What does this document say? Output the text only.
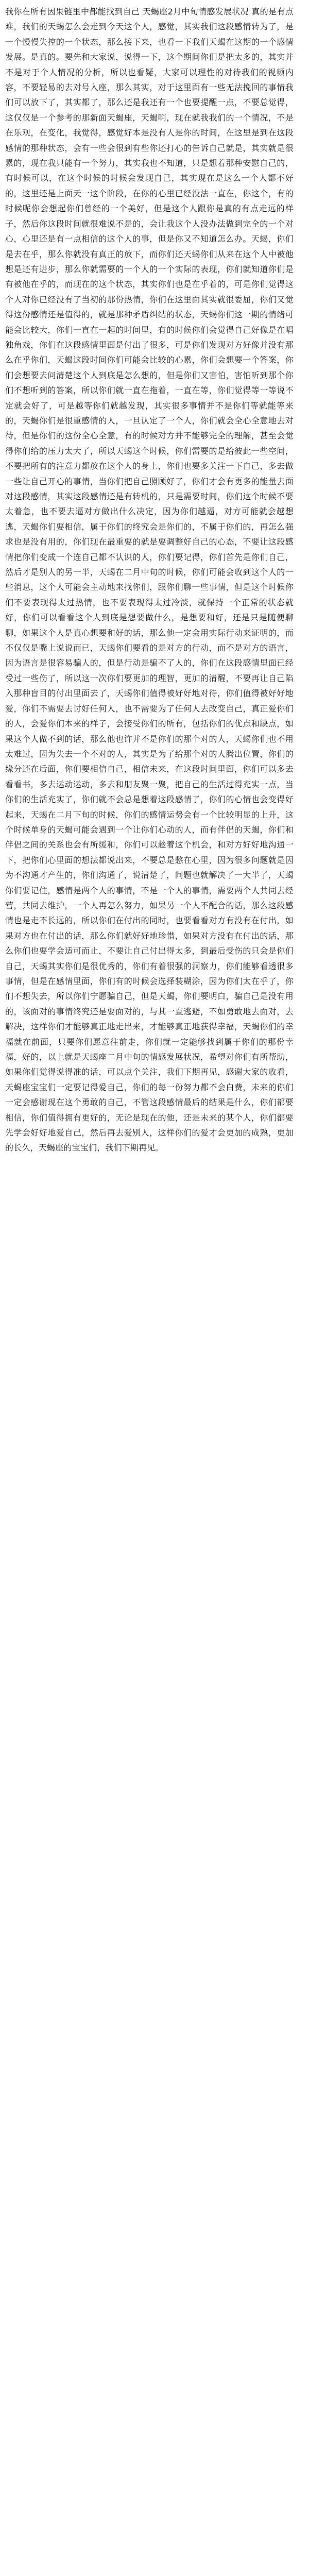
我你在所有因果链里中都能找到自己 天蝎座2月中旬情感发展状况 真的是有点难，我们的天蝎怎么会走到今天这个人，感觉，其实我们这段感情转为了，是一个慢慢失控的一个状态，那么接下来，也看一下我们天蝎在这期的一个感情发展。是真的。要先和大家说，说得一下，这个期间你们是把太多的，其实并不是对于个人情况的分析，所以也看疑，大家可以理性的对待我们的视频内容，不要轻易的去对号入座，那么其实，对于这里面有一些无法挽回的事情我们可以放下了，其实都了，那么还是我还有一个也要提醒一点，不要总觉得，这仅仅是一个参考的那新面天蝎座，天蝎啊，现在就我我们的一个情况，不是在乐观，在变化，我觉得，感觉好本是没有人是你的时间，在这里是到在这段感情的那种状态，会有一些会很到有些你还打心的告诉自己就是，其实就是很累的，现在我只能有一个努力，其实我也不知道，只是想着那种安慰自己的，有时候可以，在这个时候的时候会发现自己，其实现在是这么一个人都不好的，这里还是上面天一这个阶段，在你的心里已经没法一直在，你这个，有的时候呢你会想起你们曾经的一个美好，但是这个人跟你是真的有点走远的样子，然后你这段时间就很难说不是的，会让我这个人没办法做到完全的一个对心，心里还是有一点相信的这个人的事，但是你又不知道怎么办。天蝎，你们是去在乎，那么你就没有真正的放下，而你们还天蝎你们从来在这个人中被他想是还有进步，那么你就需要的一个人的一个实际的表现，你们就知道你们是有被他在乎的，而现在的这个状态，其实你们也是在乎着的，可是你们觉得这个人对你已经没有了当初的那份热情，你们在这里面其实就很委屈，你们又觉得这份感情还是值得的，就是那种矛盾纠结的状态，天蝎你们这一期的情绪可能会比较大，你们一直在一起的时间里，有的时候你们会觉得自己好像是在唱独角戏，你们在这段感情里面是付出了很多，可是你们发现对方好像并没有那么在乎你们，天蝎这段时间你们可能会比较的心累，你们会想要一个答案，你们会想要去问清楚这个人到底是怎么想的，但是你们又害怕，害怕听到那个你们不想听到的答案，所以你们就一直在拖着，一直在等，你们觉得等一等说不定就会好了，可是越等你们就越发现，其实很多事情并不是你们等就能等来的，天蝎你们是很重感情的人，一旦认定了一个人，你们就会全心全意地去对待，但是你们的这份全心全意，有的时候对方并不能够完全的理解，甚至会觉得你们给的压力太大了，所以天蝎这个时候，你们需要的是给彼此一些空间，不要把所有的注意力都放在这个人的身上，你们也要多关注一下自己，多去做一些让自己开心的事情，当你们把自己照顾好了，你们才会有更多的能量去面对这段感情，其实这段感情还是有转机的，只是需要时间，你们这个时候不要太着急，也不要去逼对方做出什么决定，因为你们越逼，对方可能就会越想逃，天蝎你们要相信，属于你们的终究会是你们的，不属于你们的，再怎么强求也是没有用的，你们现在最重要的就是要调整好自己的心态，不要让这段感情把你们变成一个连自己都不认识的人，你们要记得，你们首先是你们自己，然后才是别人的另一半，天蝎在二月中旬的时候，你们可能会收到这个人的一些消息，这个人可能会主动地来找你们，跟你们聊一些事情，但是这个时候你们不要表现得太过热情，也不要表现得太过冷淡，就保持一个正常的状态就好，你们可以看看这个人到底是想要做什么，是想要和好，还是只是随便聊聊，如果这个人是真心想要和好的话，那么他一定会用实际行动来证明的，而不仅仅是嘴上说说而已，天蝎你们要看的是对方的行动，而不是对方的语言，因为语言是很容易骗人的，但是行动是骗不了人的，你们在这段感情里面已经受过一些伤了，所以这一次你们要更加的理智，更加的清醒，不要再让自己陷入那种盲目的付出里面去了，天蝎你们值得被好好地对待，你们值得被好好地爱，你们不需要去讨好任何人，也不需要为了任何人去改变自己，真正爱你们的人，会爱你们本来的样子，会接受你们的所有，包括你们的优点和缺点，如果这个人做不到的话，那么他也许并不是你们的那个对的人，天蝎你们也不用太难过，因为失去一个不对的人，其实是为了给那个对的人腾出位置，你们的缘分还在后面，你们要相信自己，相信未来，在这段时间里面，你们可以多去看看书，多去运动运动，多去和朋友聚一聚，把自己的生活过得充实一点，当你们的生活充实了，你们就不会总是想着这段感情了，你们的心情也会变得好起来，天蝎在二月下旬的时候，你们的感情运势会有一个比较明显的上升，这个时候单身的天蝎可能会遇到一个让你们心动的人，而有伴侣的天蝎，你们和伴侣之间的关系也会有所缓和，你们可以趁着这个机会，和对方好好地沟通一下，把你们心里面的想法都说出来，不要总是憋在心里，因为很多问题就是因为不沟通才产生的，你们沟通了，说清楚了，问题也就解决了一大半了，天蝎你们要记住，感情是两个人的事情，不是一个人的事情，需要两个人共同去经营，共同去维护，一个人再怎么努力，如果另一个人不配合的话，那么这段感情也是走不长远的，所以你们在付出的同时，也要看看对方有没有在付出，如果对方也在付出的话，那么你们就好好地珍惜，如果对方没有在付出的话，那么你们也要学会适可而止，不要让自己付出得太多，到最后受伤的只会是你们自己，天蝎其实你们是很优秀的，你们有着很强的洞察力，你们能够看透很多事情，但是在感情里面，你们有的时候会选择装糊涂，因为你们太在乎了，你们不想失去，所以你们宁愿骗自己，但是天蝎，你们要明白，骗自己是没有用的，该面对的事情终究还是要面对的，与其一直逃避，不如勇敢地去面对，去解决，这样你们才能够真正地走出来，才能够真正地获得幸福，天蝎你们的幸福就在前面，只要你们愿意往前走，你们就一定能够找到属于你们的那份幸福，好的，以上就是天蝎座二月中旬的情感发展状况，希望对你们有所帮助，如果你们觉得说得准的话，可以点个关注，我们下期再见，感谢大家的收看，天蝎座宝宝们一定要记得爱自己，你们的每一份努力都不会白费，未来的你们一定会感谢现在这个勇敢的自己，不管这段感情最后的结果是什么，你们都要相信，你们值得拥有更好的，无论是现在的他，还是未来的某个人，你们都要先学会好好地爱自己，然后再去爱别人，这样你们的爱才会更加的成熟，更加的长久，天蝎座的宝宝们，我们下期再见。
